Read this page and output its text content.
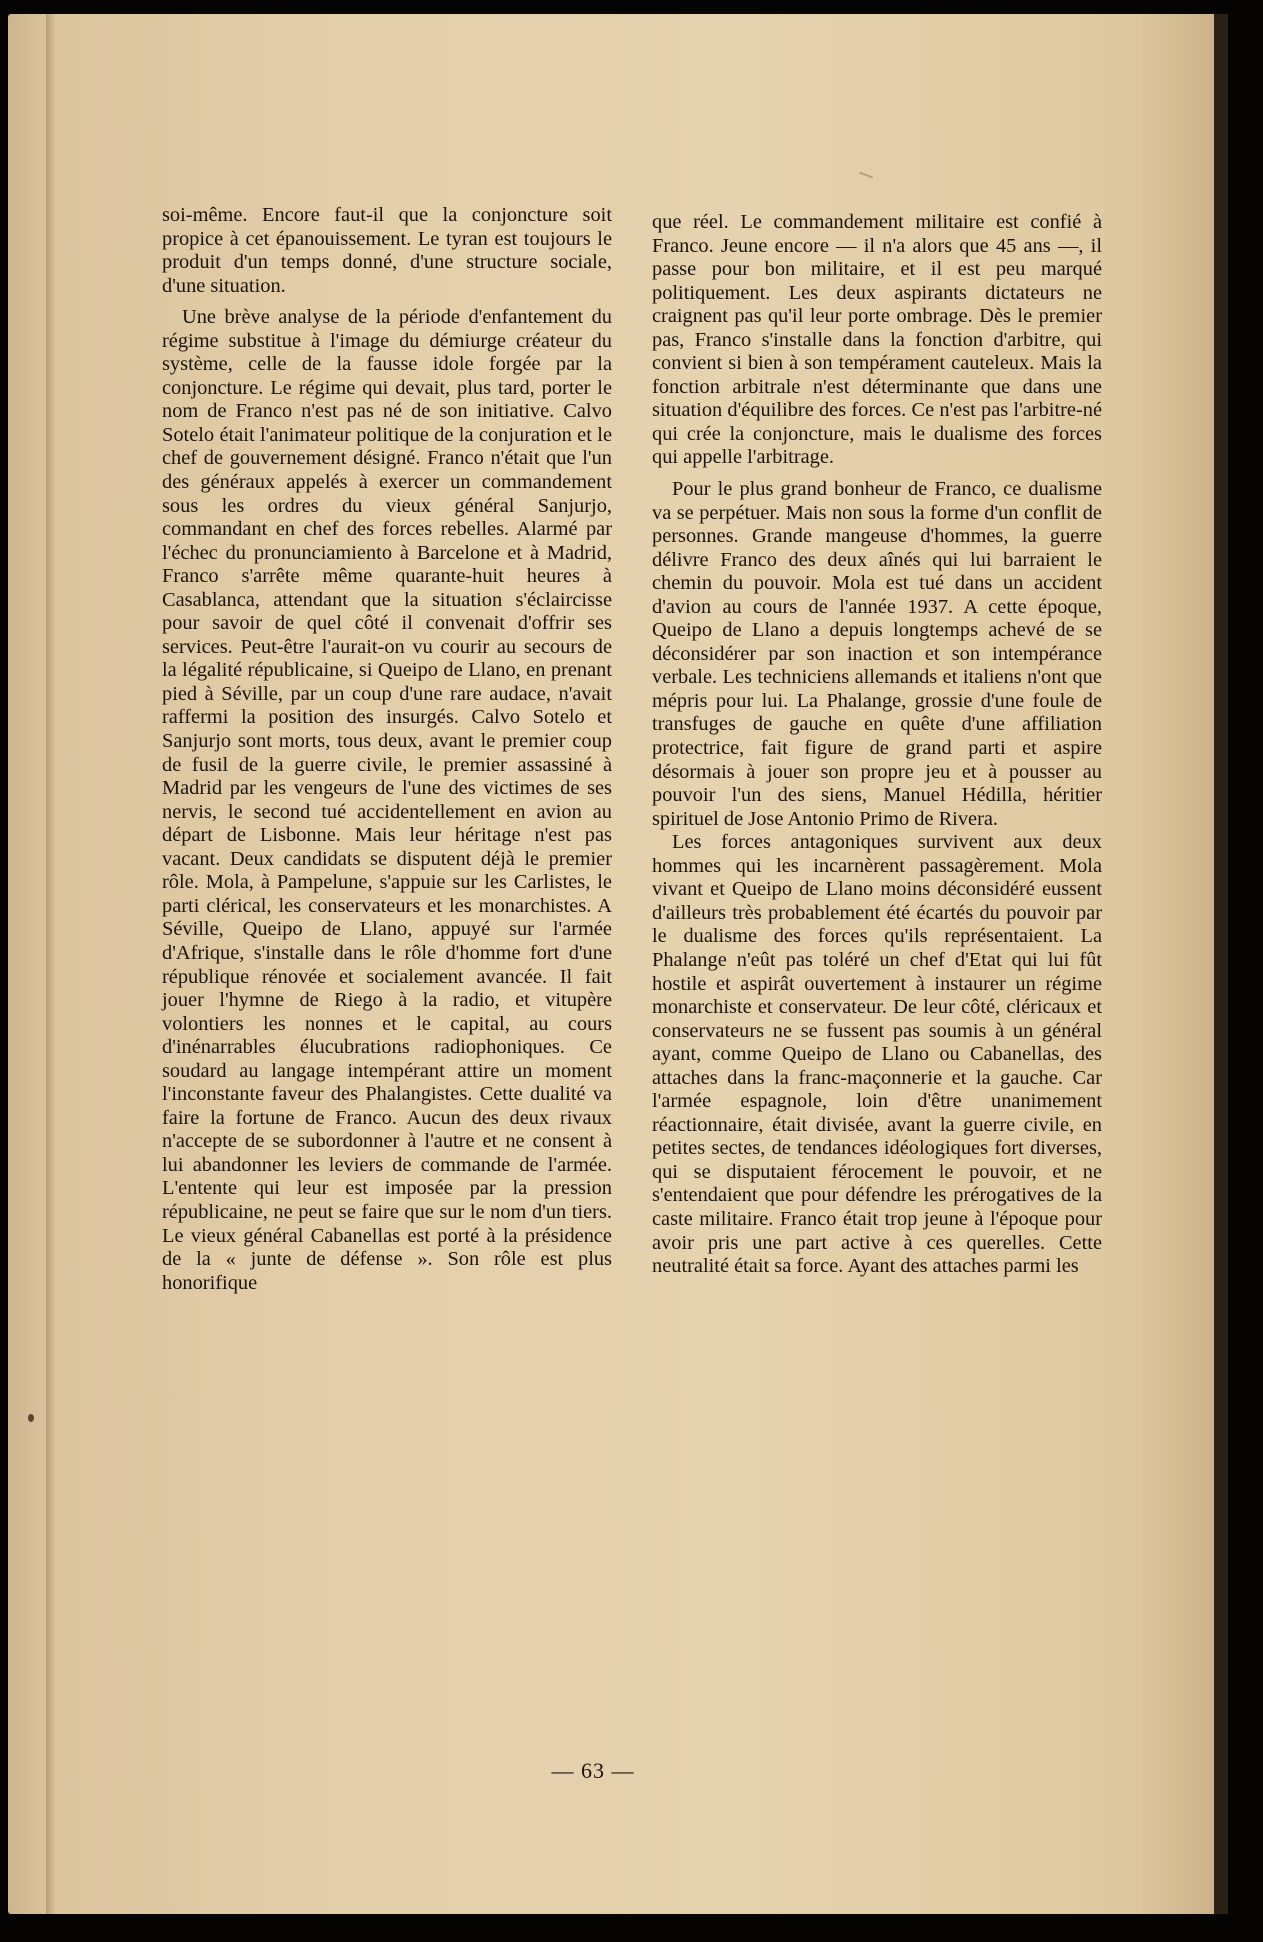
soi-même. Encore faut-il que la conjoncture soit propice à cet épanouissement. Le tyran est toujours le produit d'un temps donné, d'une structure sociale, d'une situation.

Une brève analyse de la période d'enfantement du régime substitue à l'image du démiurge créateur du système, celle de la fausse idole forgée par la conjoncture. Le régime qui devait, plus tard, porter le nom de Franco n'est pas né de son initiative. Calvo Sotelo était l'animateur politique de la conjuration et le chef de gouvernement désigné. Franco n'était que l'un des généraux appelés à exercer un commandement sous les ordres du vieux général Sanjurjo, commandant en chef des forces rebelles. Alarmé par l'échec du pronunciamiento à Barcelone et à Madrid, Franco s'arrête même quarante-huit heures à Casablanca, attendant que la situation s'éclaircisse pour savoir de quel côté il convenait d'offrir ses services. Peut-être l'aurait-on vu courir au secours de la légalité républicaine, si Queipo de Llano, en prenant pied à Séville, par un coup d'une rare audace, n'avait raffermi la position des insurgés. Calvo Sotelo et Sanjurjo sont morts, tous deux, avant le premier coup de fusil de la guerre civile, le premier assassiné à Madrid par les vengeurs de l'une des victimes de ses nervis, le second tué accidentellement en avion au départ de Lisbonne. Mais leur héritage n'est pas vacant. Deux candidats se disputent déjà le premier rôle. Mola, à Pampelune, s'appuie sur les Carlistes, le parti clérical, les conservateurs et les monarchistes. A Séville, Queipo de Llano, appuyé sur l'armée d'Afrique, s'installe dans le rôle d'homme fort d'une république rénovée et socialement avancée. Il fait jouer l'hymne de Riego à la radio, et vitupère volontiers les nonnes et le capital, au cours d'inénarrables élucubrations radiophoniques. Ce soudard au langage intempérant attire un moment l'inconstante faveur des Phalangistes. Cette dualité va faire la fortune de Franco. Aucun des deux rivaux n'accepte de se subordonner à l'autre et ne consent à lui abandonner les leviers de commande de l'armée. L'entente qui leur est imposée par la pression républicaine, ne peut se faire que sur le nom d'un tiers. Le vieux général Cabanellas est porté à la présidence de la « junte de défense ». Son rôle est plus honorifique

que réel. Le commandement militaire est confié à Franco. Jeune encore — il n'a alors que 45 ans —, il passe pour bon militaire, et il est peu marqué politiquement. Les deux aspirants dictateurs ne craignent pas qu'il leur porte ombrage. Dès le premier pas, Franco s'installe dans la fonction d'arbitre, qui convient si bien à son tempérament cauteleux. Mais la fonction arbitrale n'est déterminante que dans une situation d'équilibre des forces. Ce n'est pas l'arbitre-né qui crée la conjoncture, mais le dualisme des forces qui appelle l'arbitrage.

Pour le plus grand bonheur de Franco, ce dualisme va se perpétuer. Mais non sous la forme d'un conflit de personnes. Grande mangeuse d'hommes, la guerre délivre Franco des deux aînés qui lui barraient le chemin du pouvoir. Mola est tué dans un accident d'avion au cours de l'année 1937. A cette époque, Queipo de Llano a depuis longtemps achevé de se déconsidérer par son inaction et son intempérance verbale. Les techniciens allemands et italiens n'ont que mépris pour lui. La Phalange, grossie d'une foule de transfuges de gauche en quête d'une affiliation protectrice, fait figure de grand parti et aspire désormais à jouer son propre jeu et à pousser au pouvoir l'un des siens, Manuel Hédilla, héritier spirituel de Jose Antonio Primo de Rivera.

Les forces antagoniques survivent aux deux hommes qui les incarnèrent passagèrement. Mola vivant et Queipo de Llano moins déconsidéré eussent d'ailleurs très probablement été écartés du pouvoir par le dualisme des forces qu'ils représentaient. La Phalange n'eût pas toléré un chef d'Etat qui lui fût hostile et aspirât ouvertement à instaurer un régime monarchiste et conservateur. De leur côté, cléricaux et conservateurs ne se fussent pas soumis à un général ayant, comme Queipo de Llano ou Cabanellas, des attaches dans la franc-maçonnerie et la gauche. Car l'armée espagnole, loin d'être unanimement réactionnaire, était divisée, avant la guerre civile, en petites sectes, de tendances idéologiques fort diverses, qui se disputaient férocement le pouvoir, et ne s'entendaient que pour défendre les prérogatives de la caste militaire. Franco était trop jeune à l'époque pour avoir pris une part active à ces querelles. Cette neutralité était sa force. Ayant des attaches parmi les

— 63 —
